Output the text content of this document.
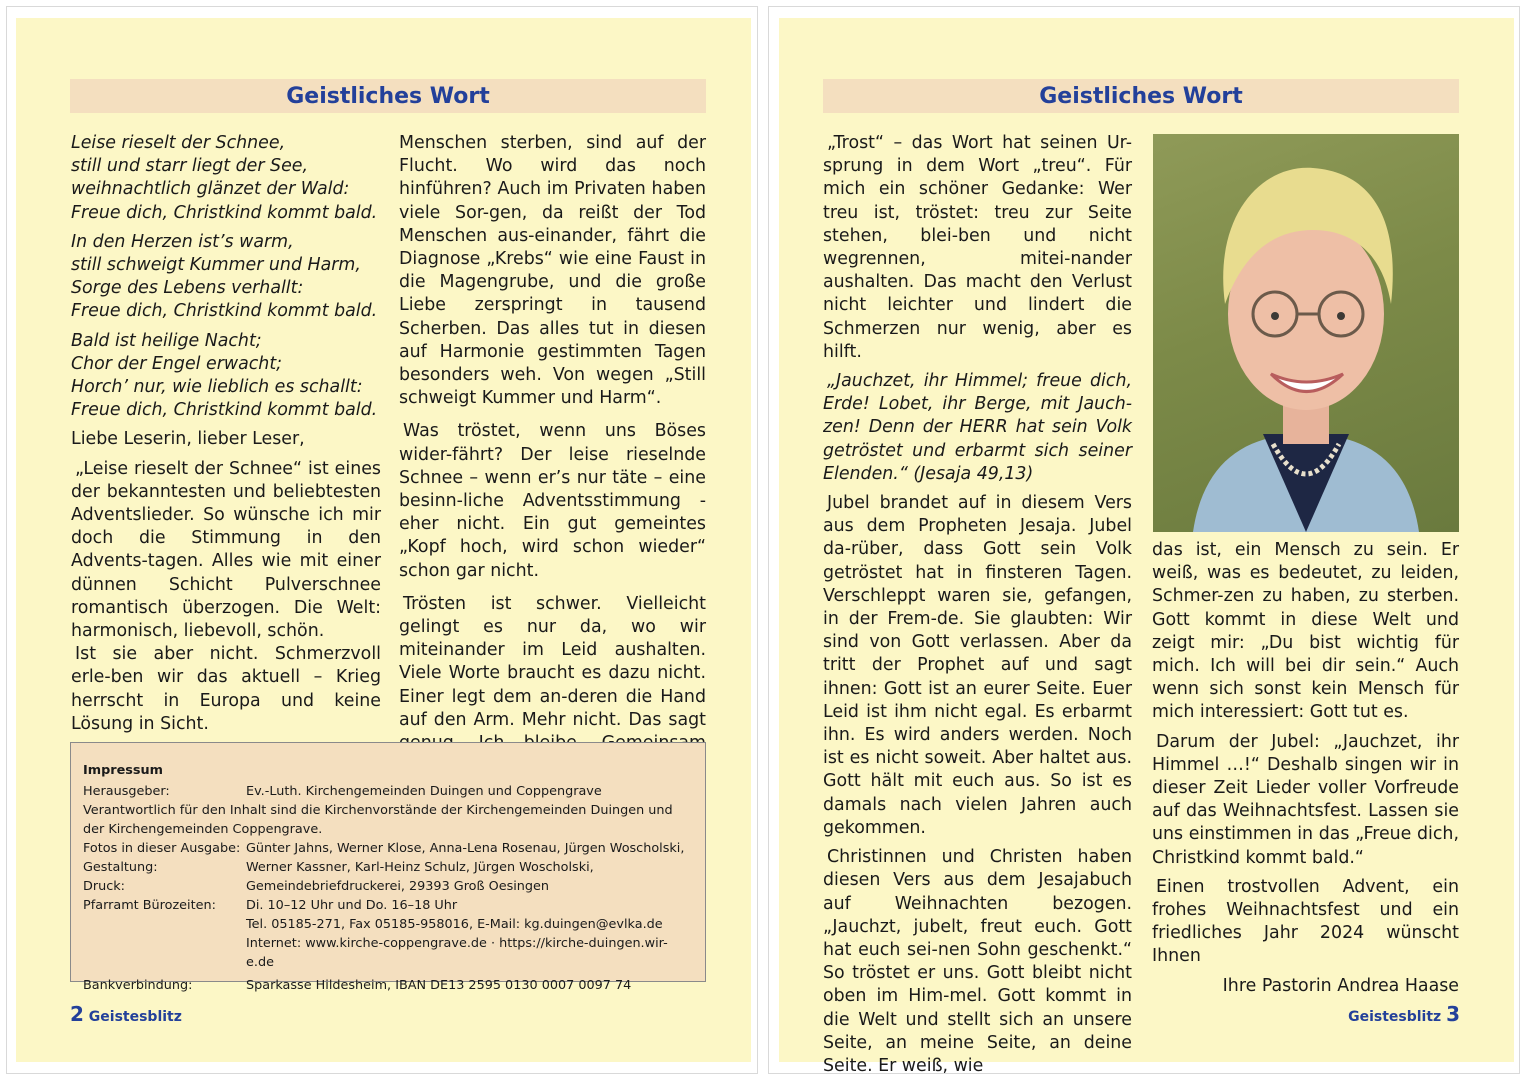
Geistliches Wort

Leise rieselt der Schnee,

still und starr liegt der See,

weihnachtlich glänzet der Wald:

Freue dich, Christkind kommt bald.

In den Herzen ist’s warm,

still schweigt Kummer und Harm,

Sorge des Lebens verhallt:

Freue dich, Christkind kommt bald.

Bald ist heilige Nacht;

Chor der Engel erwacht;

Horch’ nur, wie lieblich es schallt:

Freue dich, Christkind kommt bald.

Liebe Leserin, lieber Leser,

„Leise rieselt der Schnee“ ist eines der bekanntesten und beliebtesten Adventslieder. So wünsche ich mir doch die Stimmung in den Advents-tagen. Alles wie mit einer dünnen Schicht Pulverschnee romantisch überzogen. Die Welt: harmonisch, liebevoll, schön.

Ist sie aber nicht. Schmerzvoll erle-ben wir das aktuell – Krieg herrscht in Europa und keine Lösung in Sicht.

Menschen sterben, sind auf der Flucht. Wo wird das noch hinführen? Auch im Privaten haben viele Sor-gen, da reißt der Tod Menschen aus-einander, fährt die Diagnose „Krebs“ wie eine Faust in die Magengrube, und die große Liebe zerspringt in tausend Scherben. Das alles tut in diesen auf Harmonie gestimmten Tagen besonders weh. Von wegen „Still schweigt Kummer und Harm“.

Was tröstet, wenn uns Böses wider-fährt? Der leise rieselnde Schnee – wenn er’s nur täte – eine besinn-liche Adventsstimmung - eher nicht. Ein gut gemeintes „Kopf hoch, wird schon wieder“ schon gar nicht.

Trösten ist schwer. Vielleicht gelingt es nur da, wo wir miteinander im Leid aushalten. Viele Worte braucht es dazu nicht. Einer legt dem an-deren die Hand auf den Arm. Mehr nicht. Das sagt

Impressum
Herausgeber:	Ev.-Luth. Kirchengemeinden Duingen und Coppengrave
Verantwortlich für den Inhalt sind die Kirchenvorstände der Kirchengemeinden Duingen und der Kirchengemeinden Coppengrave.
Fotos in dieser Ausgabe: Günter Jahns, Werner Klose, Anna-Lena Rosenau, Jürgen Woscholski,
Gestaltung:	Werner Kassner, Karl-Heinz Schulz, Jürgen Woscholski,
Druck:	Gemeindebriefdruckerei, 29393 Groß Oesingen
Pfarramt Bürozeiten: Di. 10–12 Uhr und Do. 16–18 Uhr
Tel. 05185-271, Fax 05185-958016, E-Mail: kg.duingen@evlka.de
Internet: www.kirche-coppengrave.de · https://kirche-duingen.wir-e.de
Bankverbindung:	Sparkasse Hildesheim, IBAN DE13 2595 0130 0007 0097 74
2 Geistesblitz
Geistliches Wort

„Trost“ – das Wort hat seinen Ur-sprung in dem Wort „treu“. Für mich ein schöner Gedanke: Wer treu ist, tröstet: treu zur Seite stehen, blei-ben und nicht wegrennen, mitei-nander aushalten. Das macht den Verlust nicht leichter und lindert die Schmerzen nur wenig, aber es hilft.

„Jauchzet, ihr Himmel; freue dich, Erde! Lobet, ihr Berge, mit Jauch-zen! Denn der HERR hat sein Volk getröstet und erbarmt sich seiner Elenden.“ (Jesaja 49,13)

Jubel brandet auf in diesem Vers aus dem Propheten Jesaja. Jubel da-rüber, dass Gott sein Volk getröstet hat in finsteren Tagen. Verschleppt waren sie, gefangen, in der Frem-de. Sie glaubten: Wir sind von Gott verlassen. Aber da tritt der Prophet auf und sagt ihnen: Gott ist an eurer Seite. Euer Leid ist ihm nicht egal. Es erbarmt ihn. Es wird anders werden. Noch ist es nicht soweit. Aber haltet aus. Gott hält mit euch aus. So ist es damals nach vielen Jahren auch gekommen.

Christinnen und Christen haben diesen Vers aus dem Jesajabuch auf Weihnachten bezogen. „Jauchzt, jubelt, freut euch. Gott hat euch sei-nen Sohn geschenkt.“ So tröstet er uns. Gott bleibt nicht oben im Him-mel. Gott kommt in die Welt und stellt sich an unsere Seite, an meine Seite, an deine Seite. Er weiß, wie

das ist, ein Mensch zu sein. Er weiß, was es bedeutet, zu leiden, Schmer-zen zu haben, zu sterben. Gott kommt in diese Welt und zeigt mir: „Du bist wichtig für mich. Ich will bei dir sein.“ Auch wenn sich sonst kein Mensch für mich interessiert: Gott tut es.

Darum der Jubel: „Jauchzet, ihr Himmel …!“ Deshalb singen wir in dieser Zeit Lieder voller Vorfreude auf das Weihnachtsfest. Lassen sie uns einstimmen in das „Freue dich, Christkind kommt bald.“

Einen trostvollen Advent, ein frohes Weihnachtsfest und ein friedliches Jahr 2024 wünscht Ihnen

Ihre Pastorin Andrea Haase

Geistesblitz 3
